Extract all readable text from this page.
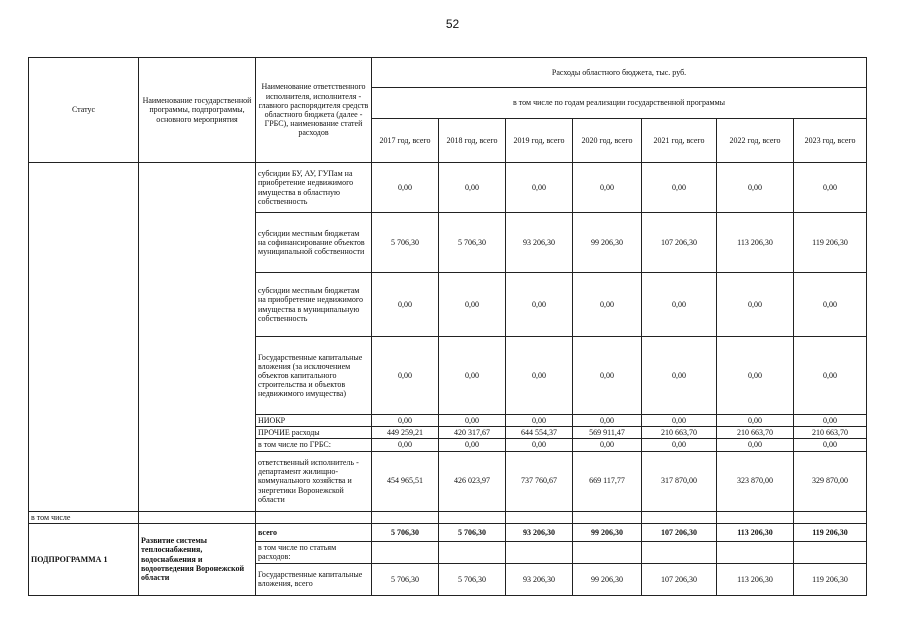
52
Статус	Наименование государственной программы, подпрограммы, основного мероприятия	Наименование ответственного исполнителя, исполнителя - главного распорядителя средств областного бюджета (далее - ГРБС), наименование статей расходов	Расходы областного бюджета, тыс. руб.						
			в том числе по годам реализации государственной программы						
			2017 год, всего	2018 год, всего	2019 год, всего	2020 год, всего	2021 год, всего	2022 год, всего	2023 год, всего
		субсидии БУ, АУ, ГУПам на приобретение недвижимого имущества в областную собственность	0,00	0,00	0,00	0,00	0,00	0,00	0,00
		субсидии местным бюджетам на софинансирование объектов муниципальной собственности	5 706,30	5 706,30	93 206,30	99 206,30	107 206,30	113 206,30	119 206,30
		субсидии местным бюджетам на приобретение недвижимого имущества в муниципальную собственность	0,00	0,00	0,00	0,00	0,00	0,00	0,00
		Государственные капитальные вложения (за исключением объектов капитального строительства и объектов недвижимого имущества)	0,00	0,00	0,00	0,00	0,00	0,00	0,00
		НИОКР	0,00	0,00	0,00	0,00	0,00	0,00	0,00
		ПРОЧИЕ расходы	449 259,21	420 317,67	644 554,37	569 911,47	210 663,70	210 663,70	210 663,70
		в том числе по ГРБС:	0,00	0,00	0,00	0,00	0,00	0,00	0,00
		ответственный исполнитель - департамент жилищно-коммунального хозяйства и энергетики Воронежской области	454 965,51	426 023,97	737 760,67	669 117,77	317 870,00	323 870,00	329 870,00
в том числе									
ПОДПРОГРАММА 1	Развитие системы теплоснабжения, водоснабжения и водоотведения Воронежской области	всего	5 706,30	5 706,30	93 206,30	99 206,30	107 206,30	113 206,30	119 206,30
		в том числе по статьям расходов:							
		Государственные капитальные вложения, всего	5 706,30	5 706,30	93 206,30	99 206,30	107 206,30	113 206,30	119 206,30
